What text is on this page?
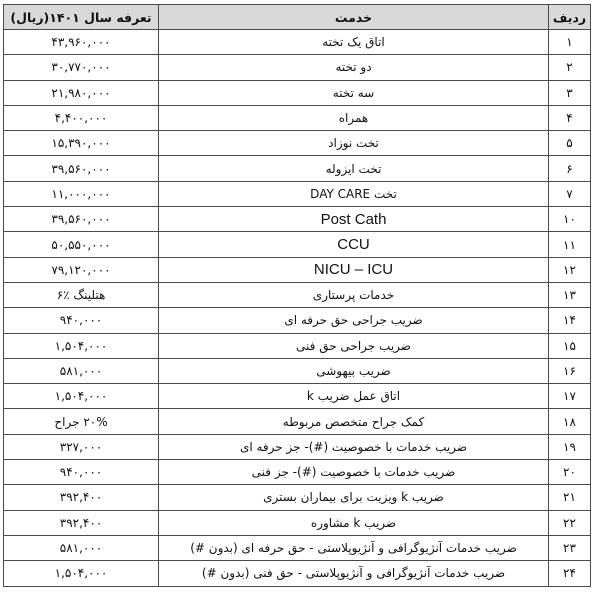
ردیف	خدمت	تعرفه سال ۱۴۰۱(ریال)
۱	اتاق یک تخته	۴۳,۹۶۰,۰۰۰
۲	دو تخته	۳۰,۷۷۰,۰۰۰
۳	سه تخته	۲۱,۹۸۰,۰۰۰
۴	همراه	۴,۴۰۰,۰۰۰
۵	تخت نوزاد	۱۵,۳۹۰,۰۰۰
۶	تخت ایزوله	۳۹,۵۶۰,۰۰۰
۷	تخت DAY CARE	۱۱,۰۰۰,۰۰۰
۱۰	Post Cath	۳۹,۵۶۰,۰۰۰
۱۱	CCU	۵۰,۵۵۰,۰۰۰
۱۲	NICU – ICU	۷۹,۱۲۰,۰۰۰
۱۳	خدمات پرستاری	هتلینگ ٪۶
۱۴	ضریب جراحی حق حرفه ای	۹۴۰,۰۰۰
۱۵	ضریب جراحی حق فنی	۱,۵۰۴,۰۰۰
۱۶	ضریب بیهوشی	۵۸۱,۰۰۰
۱۷	اتاق عمل ضریب k	۱,۵۰۴,۰۰۰
۱۸	کمک جراح متخصص مربوطه	۲۰% جراح
۱۹	ضریب خدمات با خصوصیت (#)- جز حرفه ای	۳۲۷,۰۰۰
۲۰	ضریب خدمات با خصوصیت (#)- جز فنی	۹۴۰,۰۰۰
۲۱	ضریب k ویزیت برای بیماران بستری	۳۹۲,۴۰۰
۲۲	ضریب k مشاوره	۳۹۲,۴۰۰
۲۳	ضریب خدمات آنژیوگرافی و آنژیوپلاستی - حق حرفه ای (بدون #)	۵۸۱,۰۰۰
۲۴	ضریب خدمات آنژیوگرافی و آنژیوپلاستی - حق فنی (بدون #)	۱,۵۰۴,۰۰۰
